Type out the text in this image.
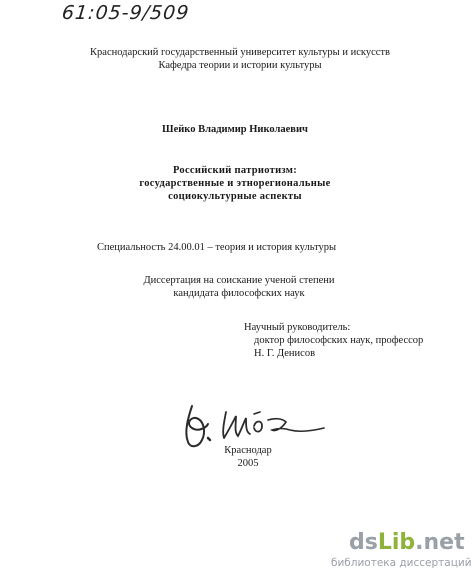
61:05-9/509
Краснодарский государственный университет культуры и искусств
Кафедра теории и истории культуры
Шейко Владимир Николаевич
Российский патриотизм:
государственные и этнорегиональные
социокультурные аспекты
Специальность 24.00.01 – теория и история культуры
Диссертация на соискание ученой степени
кандидата философских наук
Научный руководитель:
доктор философских наук, профессор
Н. Г. Денисов
Краснодар
2005
dsLib.net
библиотека диссертаций
